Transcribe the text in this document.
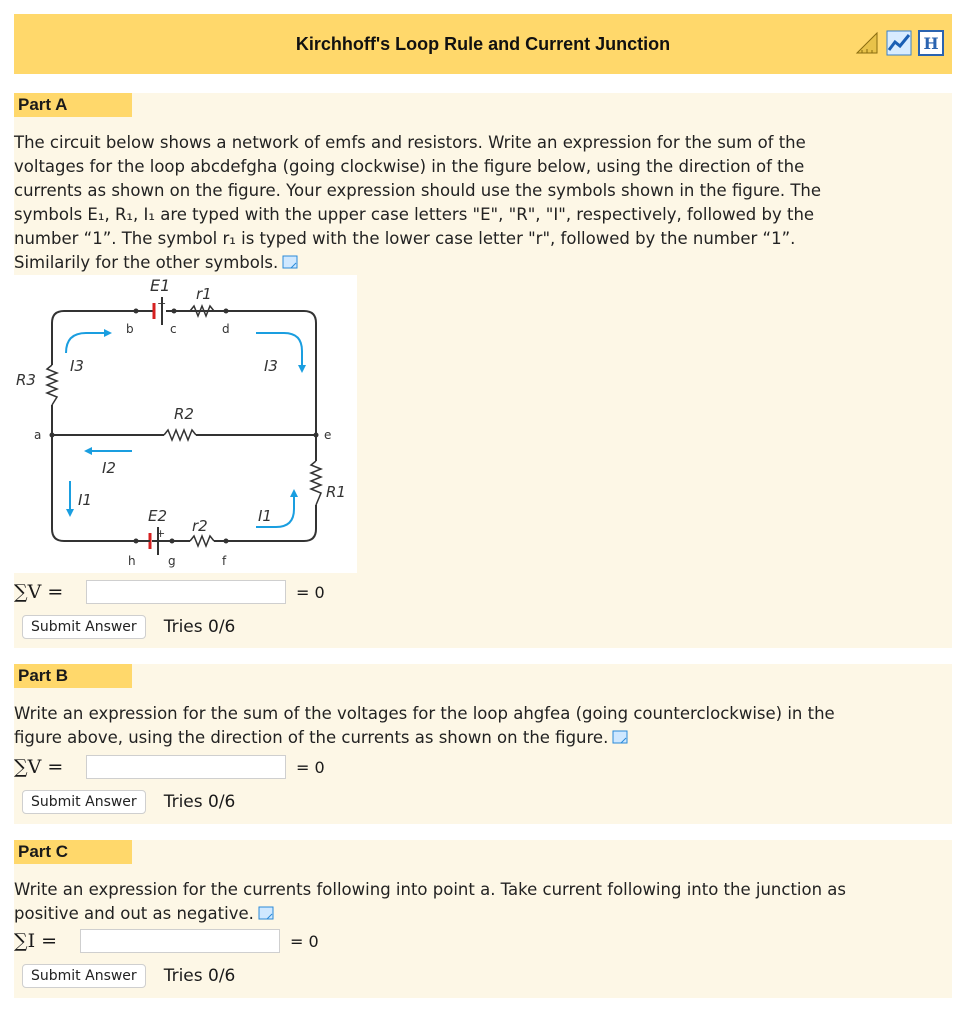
Kirchhoff's Loop Rule and Current Junction	H
Part A
The circuit below shows a network of emfs and resistors. Write an expression for the sum of the
voltages for the loop abcdefgha (going clockwise) in the figure below, using the direction of the
currents as shown on the figure. Your expression should use the symbols shown in the figure. The
symbols E₁, R₁, I₁ are typed with the upper case letters "E", "R", "I", respectively, followed by the
number “1”. The symbol r₁ is typed with the lower case letter "r", followed by the number “1”.
Similarily for the other symbols.
E1
+
r1
b	c	d
I3	I3
R3
R2
a	e
I2
I1	R1
E2
+ r2
I1
h	g	f
∑V =	= 0
Submit Answer	Tries 0/6
Part B
Write an expression for the sum of the voltages for the loop ahgfea (going counterclockwise) in the
figure above, using the direction of the currents as shown on the figure.
∑V =	= 0
Submit Answer	Tries 0/6
Part C
Write an expression for the currents following into point a. Take current following into the junction as
positive and out as negative.
∑I =	= 0
Submit Answer	Tries 0/6
